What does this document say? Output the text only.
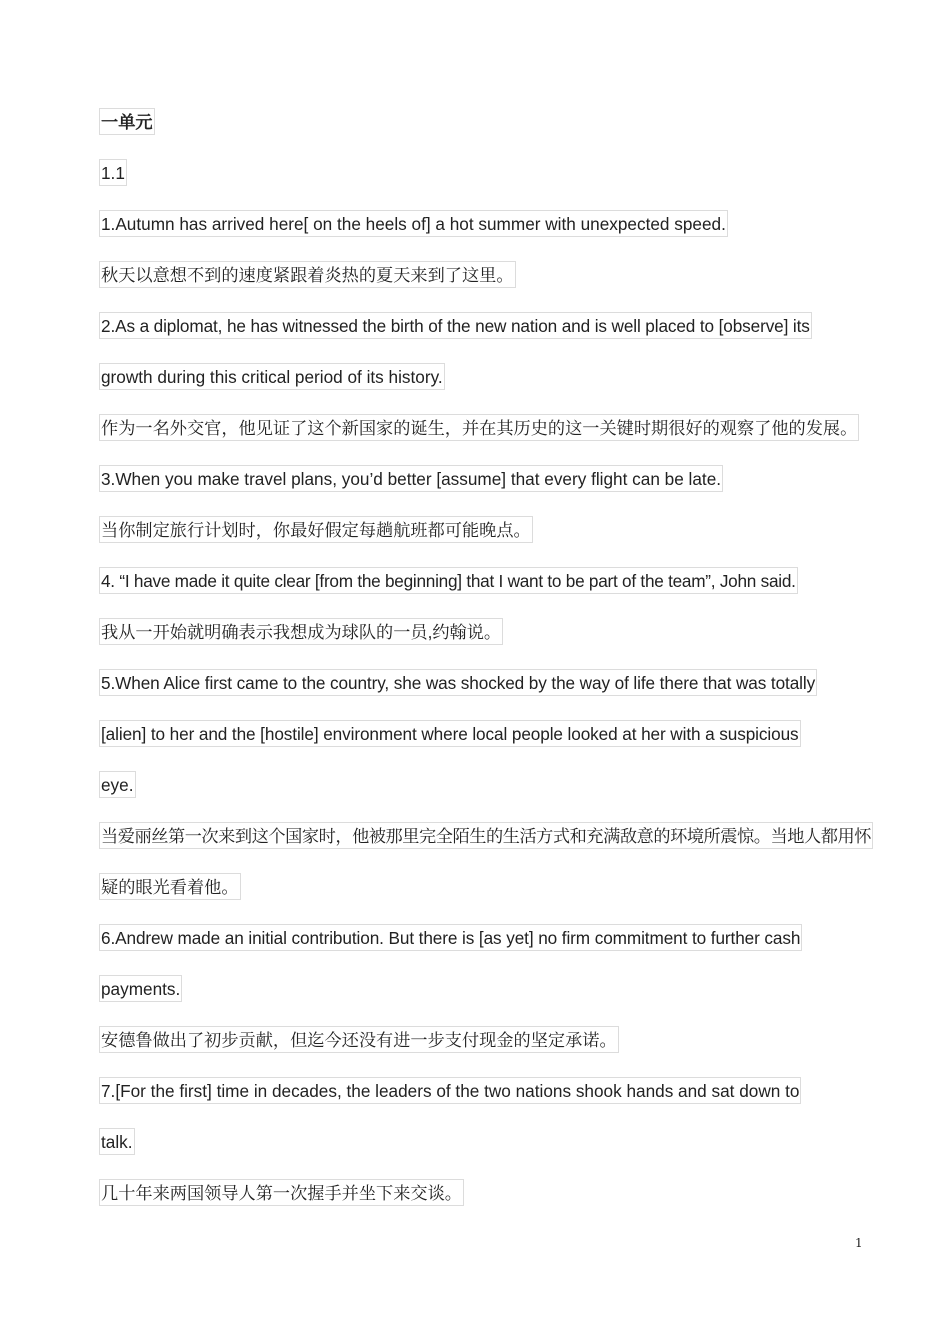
一单元
1.1
1.Autumn has arrived here[ on the heels of] a hot summer with unexpected speed.
秋天以意想不到的速度紧跟着炎热的夏天来到了这里。
2.As a diplomat, he has witnessed the birth of the new nation and is well placed to [observe] its
growth during this critical period of its history.
作为一名外交官，他见证了这个新国家的诞生，并在其历史的这一关键时期很好的观察了他的发展。
3.When you make travel plans, you’d better [assume] that every flight can be late.
当你制定旅行计划时，你最好假定每趟航班都可能晚点。
4. “I have made it quite clear [from the beginning] that I want to be part of the team”, John said.
我从一开始就明确表示我想成为球队的一员,约翰说。
5.When Alice first came to the country, she was shocked by the way of life there that was totally
[alien] to her and the [hostile] environment where local people looked at her with a suspicious
eye.
当爱丽丝第一次来到这个国家时，他被那里完全陌生的生活方式和充满敌意的环境所震惊。当地人都用怀
疑的眼光看着他。
6.Andrew made an initial contribution. But there is [as yet] no firm commitment to further cash
payments.
安德鲁做出了初步贡献，但迄今还没有进一步支付现金的坚定承诺。
7.[For the first] time in decades, the leaders of the two nations shook hands and sat down to
talk.
几十年来两国领导人第一次握手并坐下来交谈。
1
